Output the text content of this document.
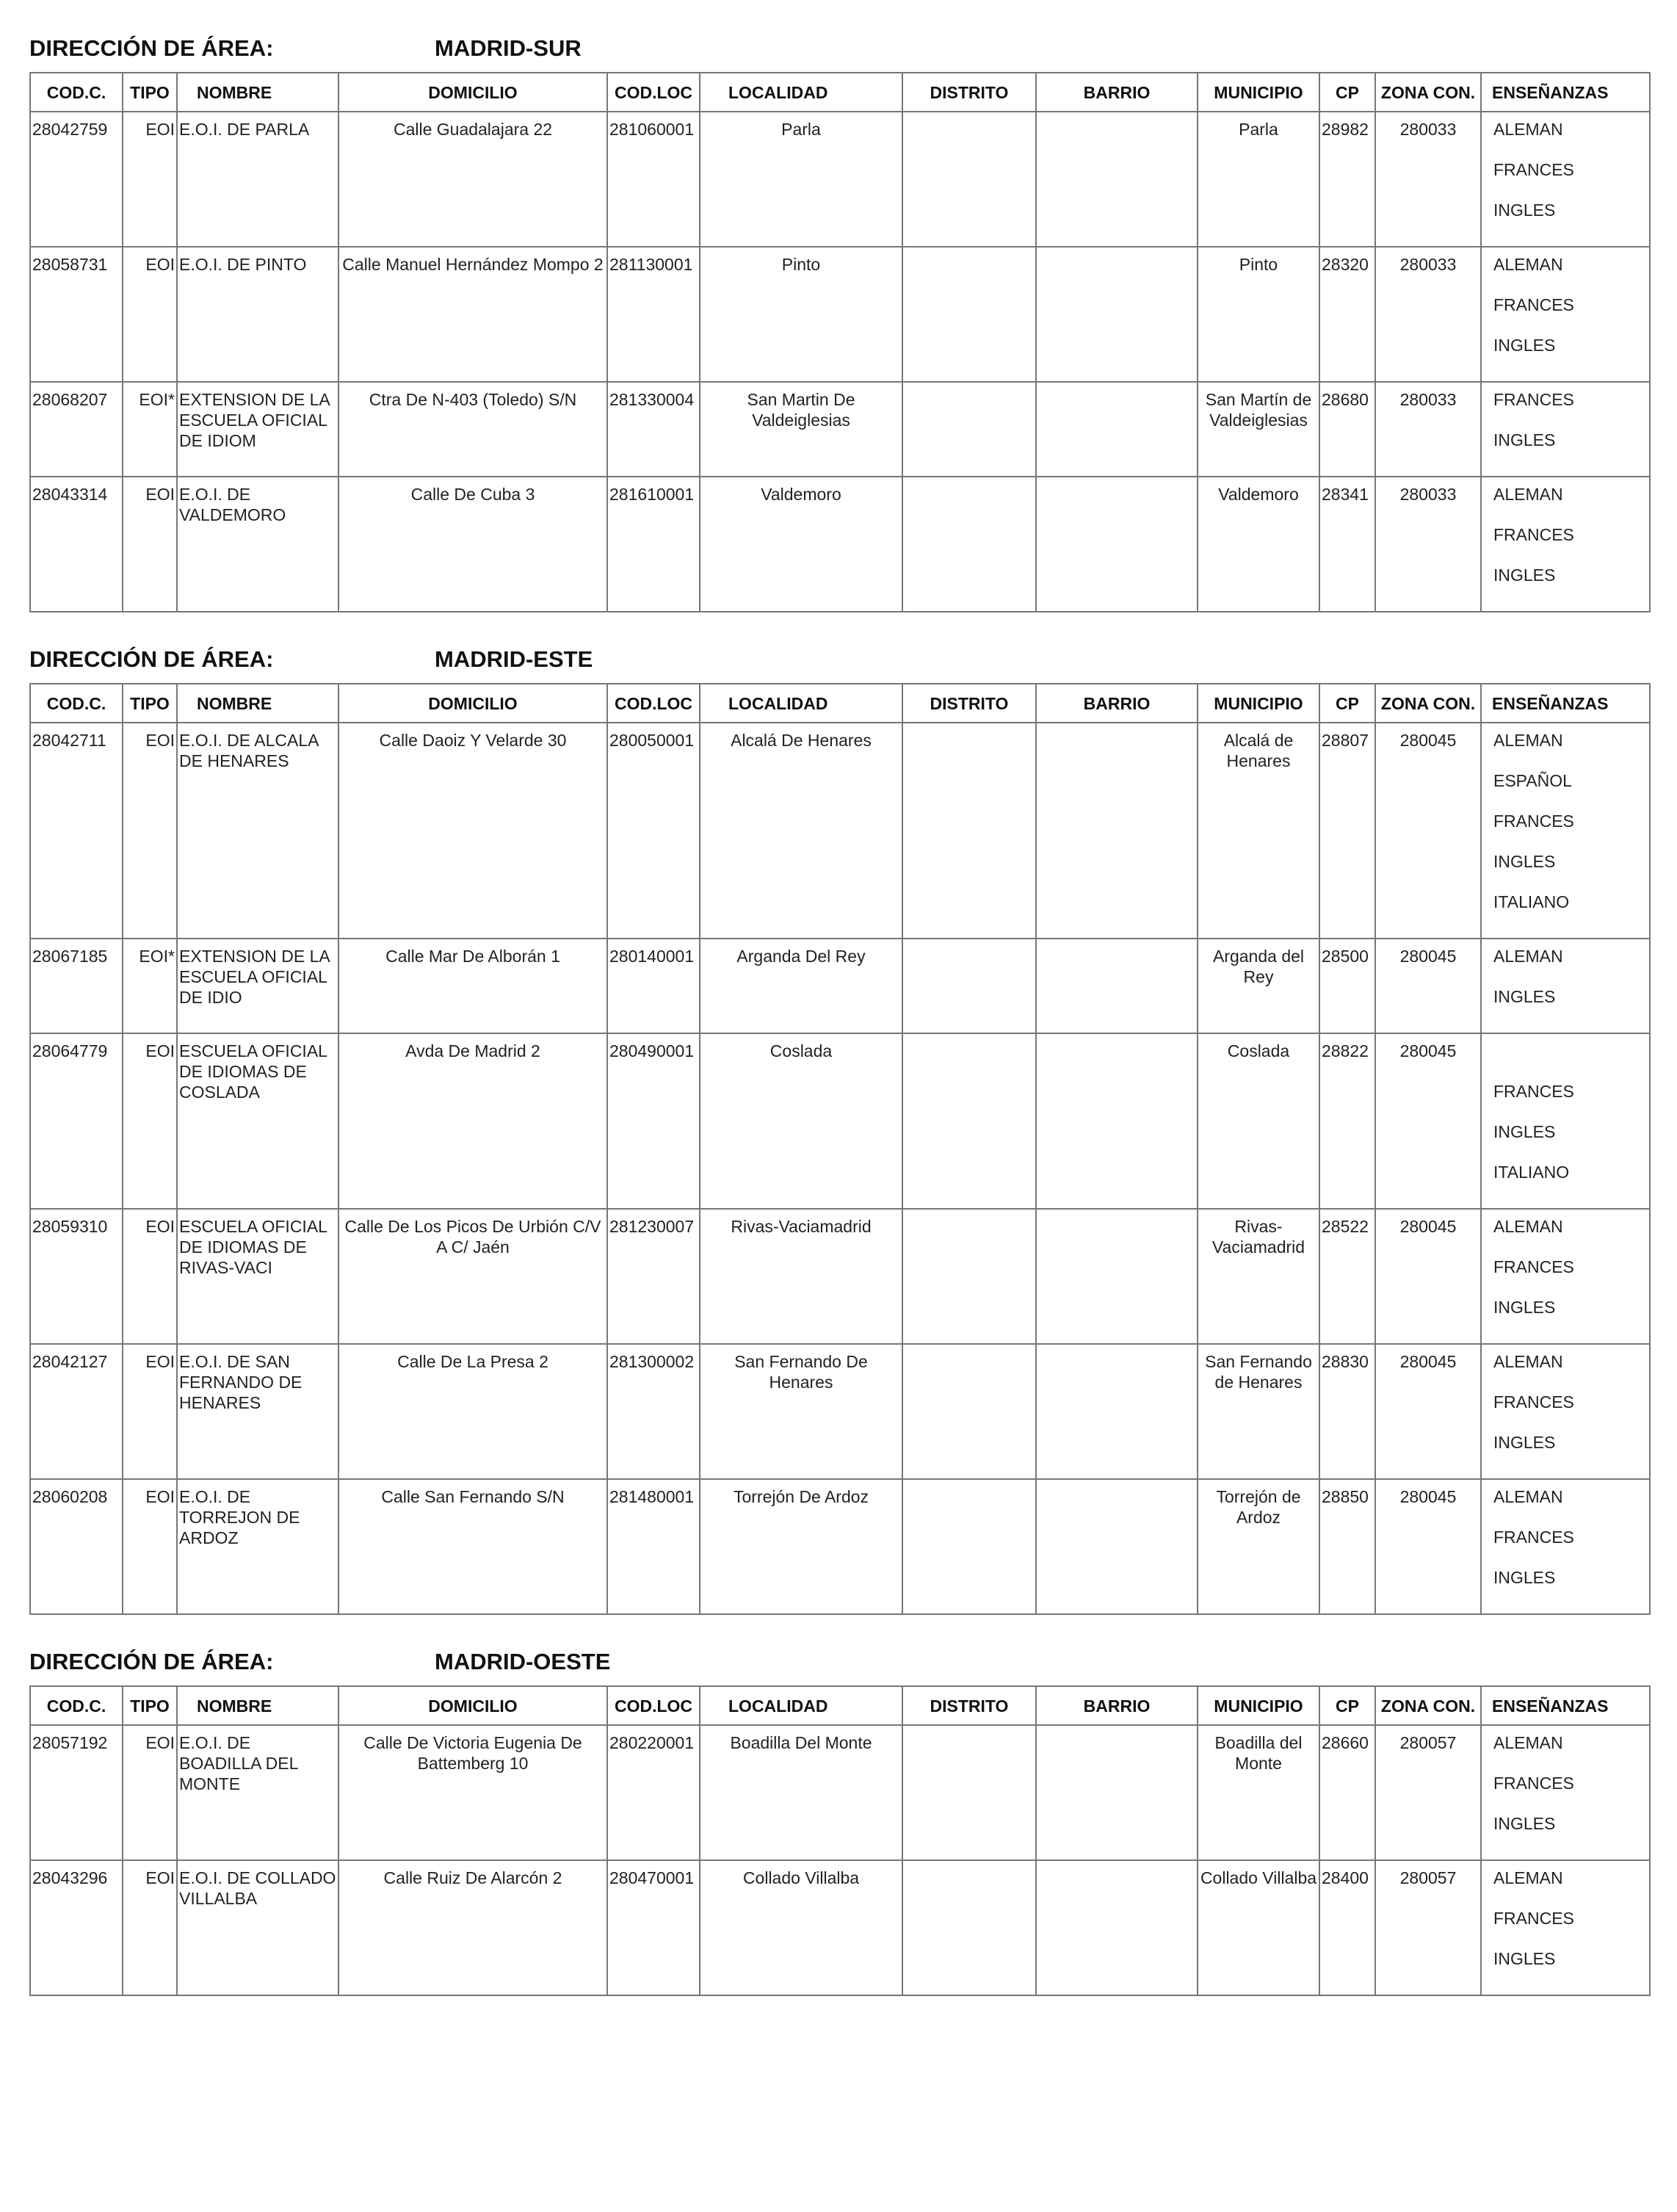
DIRECCIÓN DE ÁREA:	MADRID-SUR
COD.C.	TIPO	NOMBRE	DOMICILIO	COD.LOC	LOCALIDAD	DISTRITO	BARRIO	MUNICIPIO	CP	ZONA CON.	ENSEÑANZAS
28042759	EOI	E.O.I. DE PARLA	Calle Guadalajara 22	281060001	Parla			Parla	28982	280033	ALEMAN
FRANCES
INGLES

28058731	EOI	E.O.I. DE PINTO	Calle Manuel Hernández Mompo 2	281130001	Pinto			Pinto	28320	280033	ALEMAN
FRANCES
INGLES

28068207	EOI*	EXTENSION DE LA ESCUELA OFICIAL DE IDIOM	Ctra De N-403 (Toledo) S/N	281330004	San Martin De Valdeiglesias			San Martín de Valdeiglesias	28680	280033	FRANCES
INGLES

28043314	EOI	E.O.I. DE VALDEMORO	Calle De Cuba 3	281610001	Valdemoro			Valdemoro	28341	280033	ALEMAN
FRANCES
INGLES
DIRECCIÓN DE ÁREA:	MADRID-ESTE
COD.C.	TIPO	NOMBRE	DOMICILIO	COD.LOC	LOCALIDAD	DISTRITO	BARRIO	MUNICIPIO	CP	ZONA CON.	ENSEÑANZAS
28042711	EOI	E.O.I. DE ALCALA DE HENARES	Calle Daoiz Y Velarde 30	280050001	Alcalá De Henares			Alcalá de Henares	28807	280045	ALEMAN
ESPAÑOL
FRANCES
INGLES
ITALIANO

28067185	EOI*	EXTENSION DE LA ESCUELA OFICIAL DE IDIO	Calle Mar De Alborán 1	280140001	Arganda Del Rey			Arganda del Rey	28500	280045	ALEMAN
INGLES

28064779	EOI	ESCUELA OFICIAL DE IDIOMAS DE COSLADA	Avda De Madrid 2	280490001	Coslada			Coslada	28822	280045	FRANCES
INGLES
ITALIANO

28059310	EOI	ESCUELA OFICIAL DE IDIOMAS DE RIVAS-VACI	Calle De Los Picos De Urbión C/V A C/ Jaén	281230007	Rivas-Vaciamadrid			Rivas-Vaciamadrid	28522	280045	ALEMAN
FRANCES
INGLES

28042127	EOI	E.O.I. DE SAN FERNANDO DE HENARES	Calle De La Presa 2	281300002	San Fernando De Henares			San Fernando de Henares	28830	280045	ALEMAN
FRANCES
INGLES

28060208	EOI	E.O.I. DE TORREJON DE ARDOZ	Calle San Fernando S/N	281480001	Torrejón De Ardoz			Torrejón de Ardoz	28850	280045	ALEMAN
FRANCES
INGLES
DIRECCIÓN DE ÁREA:	MADRID-OESTE
COD.C.	TIPO	NOMBRE	DOMICILIO	COD.LOC	LOCALIDAD	DISTRITO	BARRIO	MUNICIPIO	CP	ZONA CON.	ENSEÑANZAS
28057192	EOI	E.O.I. DE BOADILLA DEL MONTE	Calle De Victoria Eugenia De Battemberg 10	280220001	Boadilla Del Monte			Boadilla del Monte	28660	280057	ALEMAN
FRANCES
INGLES

28043296	EOI	E.O.I. DE COLLADO VILLALBA	Calle Ruiz De Alarcón 2	280470001	Collado Villalba			Collado Villalba	28400	280057	ALEMAN
FRANCES
INGLES
